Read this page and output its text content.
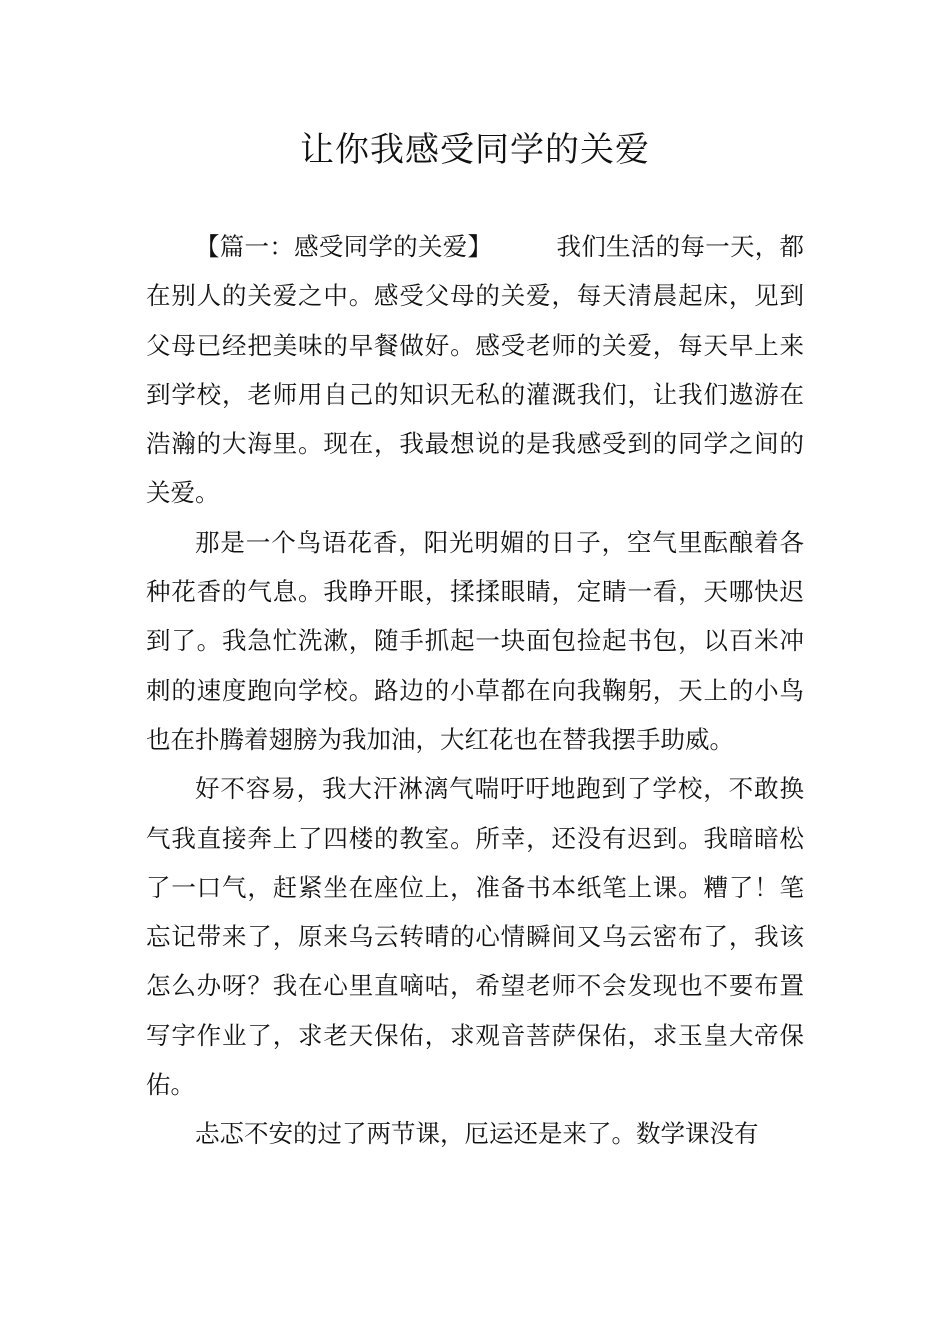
让你我感受同学的关爱

【篇一：感受同学的关爱】	我们生活的每一天，都在别人的关爱之中。感受父母的关爱，每天清晨起床，见到父母已经把美味的早餐做好。感受老师的关爱，每天早上来到学校，老师用自己的知识无私的灌溉我们，让我们遨游在浩瀚的大海里。现在，我最想说的是我感受到的同学之间的关爱。

那是一个鸟语花香，阳光明媚的日子，空气里酝酿着各种花香的气息。我睁开眼，揉揉眼睛，定睛一看，天哪快迟到了。我急忙洗漱，随手抓起一块面包捡起书包，以百米冲刺的速度跑向学校。路边的小草都在向我鞠躬，天上的小鸟也在扑腾着翅膀为我加油，大红花也在替我摆手助威。

好不容易，我大汗淋漓气喘吁吁地跑到了学校，不敢换气我直接奔上了四楼的教室。所幸，还没有迟到。我暗暗松了一口气，赶紧坐在座位上，准备书本纸笔上课。糟了！笔忘记带来了，原来乌云转晴的心情瞬间又乌云密布了，我该怎么办呀？我在心里直嘀咕，希望老师不会发现也不要布置写字作业了，求老天保佑，求观音菩萨保佑，求玉皇大帝保佑。

忐忑不安的过了两节课，厄运还是来了。数学课没有
